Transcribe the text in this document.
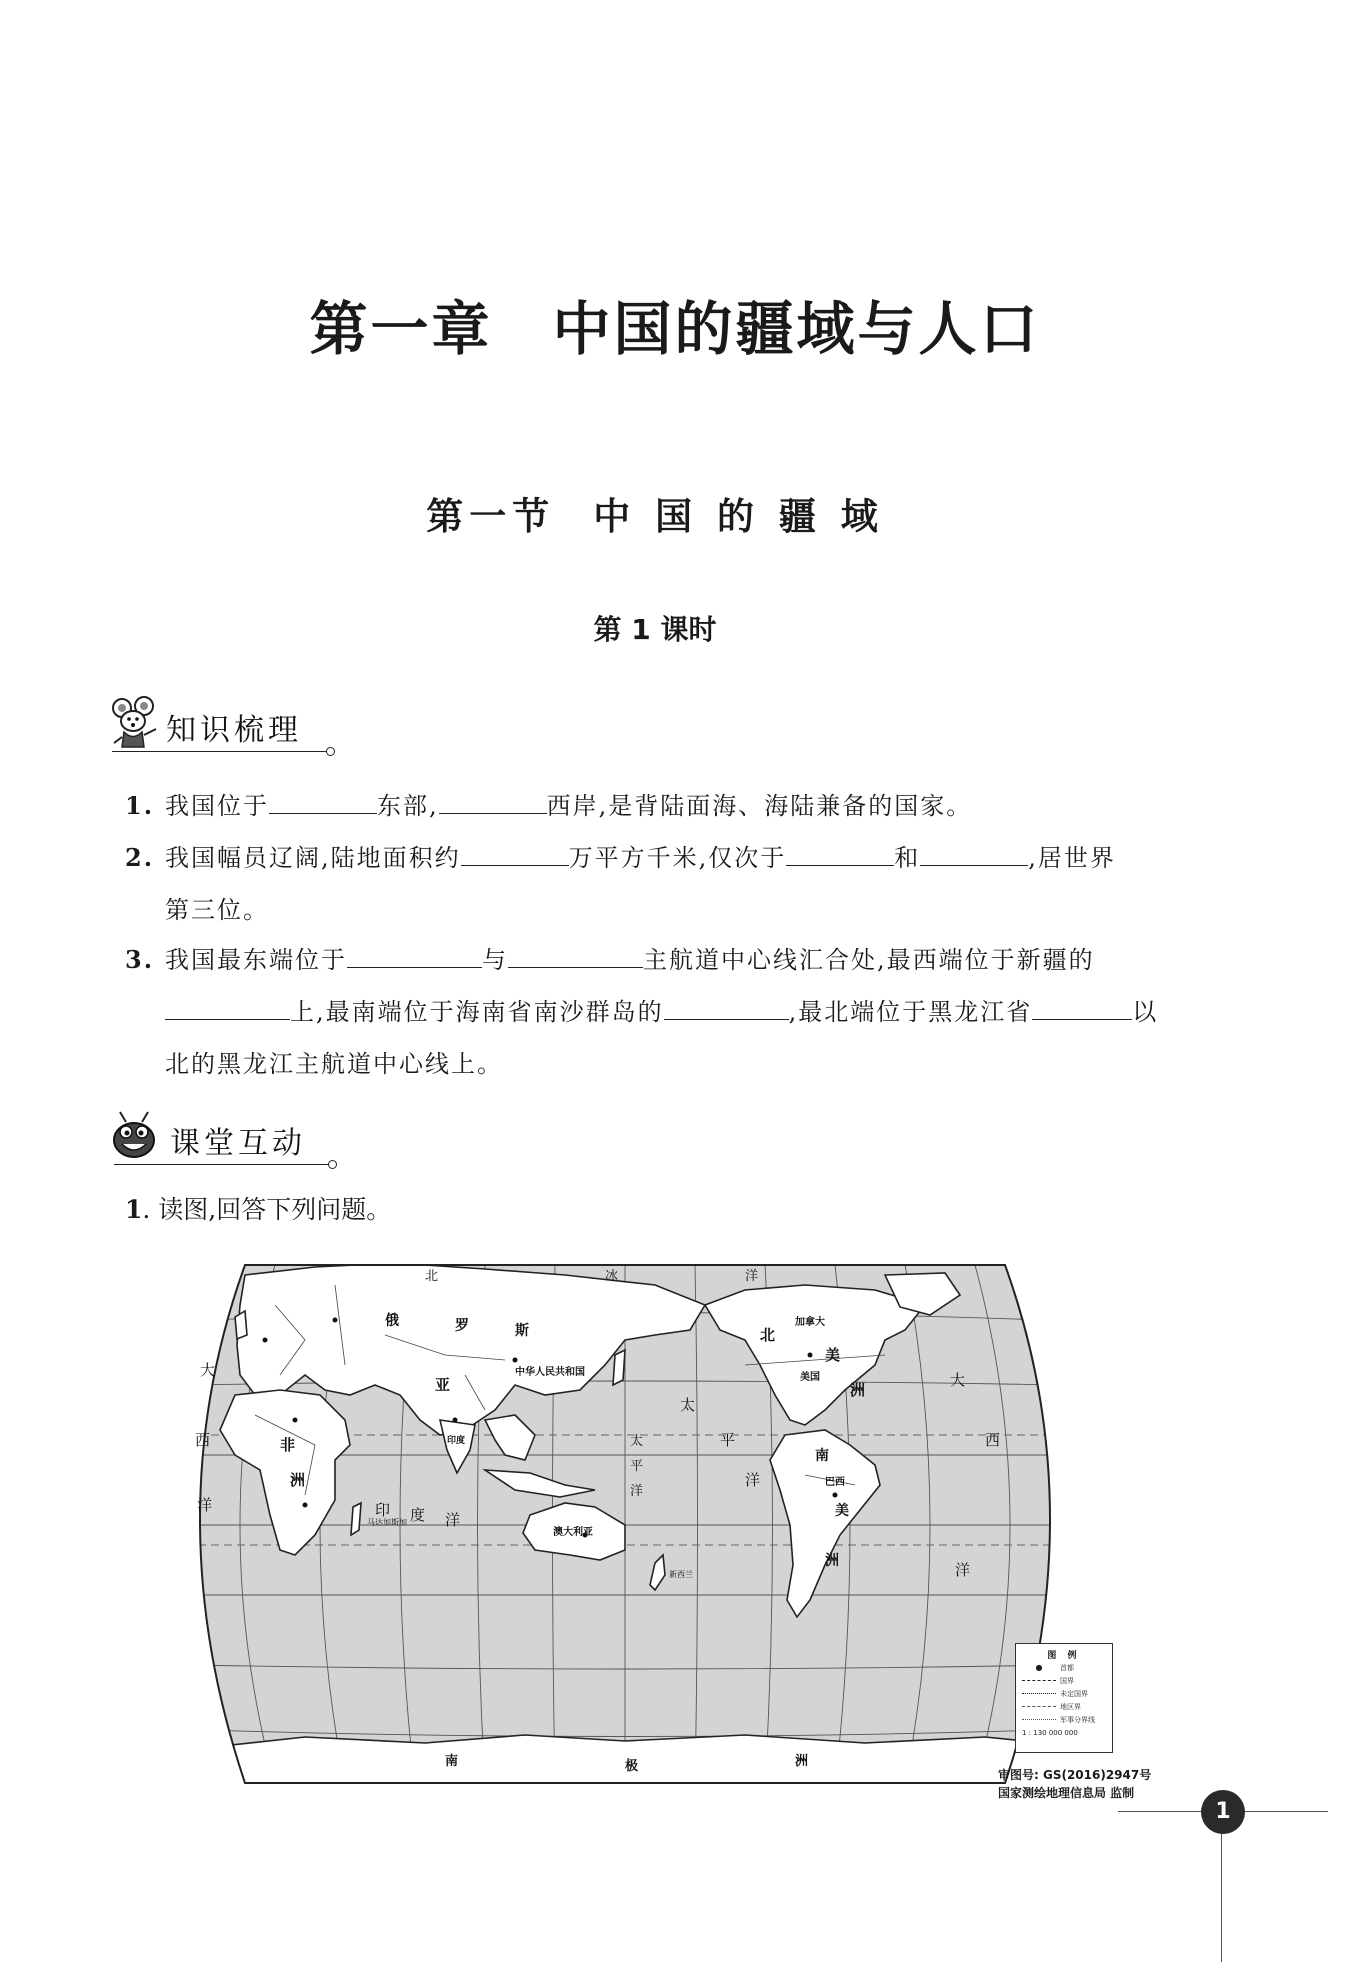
第一章 中国的疆域与人口
第一节 中 国 的 疆 域
第 1 课时
知识梳理
1. 我国位于	东部,	西岸,是背陆面海、海陆兼备的国家。
2. 我国幅员辽阔,陆地面积约	万平方千米,仅次于	和	,居世界
第三位。
3. 我国最东端位于	与	主航道中心线汇合处,最西端位于新疆的
上,最南端位于海南省南沙群岛的	,最北端位于黑龙江省	以
北的黑龙江主航道中心线上。
课堂互动
1. 读图,回答下列问题。
中华人民共和国
俄	罗	斯
澳大利亚
印度
加拿大
美国
巴西
马达加斯加
新西兰
北
美
洲
南
美
洲
非
洲
亚
太
平
洋
太
平
洋
印 度 洋
大
西
洋
大
西
洋
北	冰	洋
南	极	洲
图 例
●	首都
国界
未定国界
地区界
军事分界线
1 : 130 000 000
审图号: GS(2016)2947号
国家测绘地理信息局 监制
1
